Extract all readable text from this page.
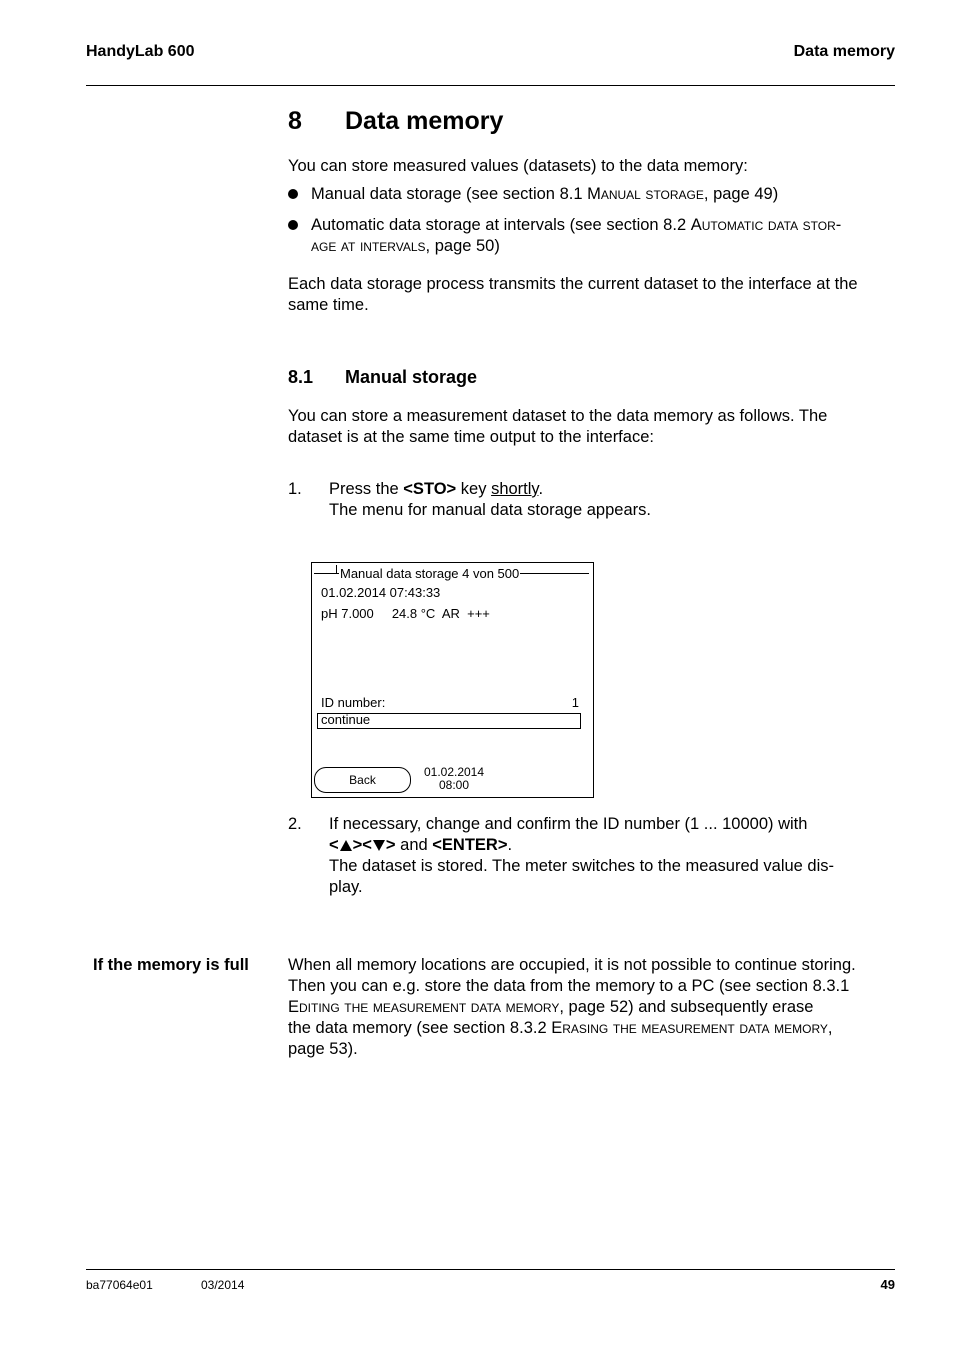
HandyLab 600	Data memory
8 Data memory
You can store measured values (datasets) to the data memory:
Manual data storage (see section 8.1 Manual storage, page 49)
Automatic data storage at intervals (see section 8.2 Automatic data stor-
age at intervals, page 50)
Each data storage process transmits the current dataset to the interface at the
same time.
8.1 Manual storage
You can store a measurement dataset to the data memory as follows. The
dataset is at the same time output to the interface:
1. Press the <STO> key shortly.
The menu for manual data storage appears.
Manual data storage 4 von 500
01.02.2014 07:43:33
pH 7.000     24.8 °C  AR  +++
ID number:	1
continue
Back
01.02.2014
08:00
2. If necessary, change and confirm the ID number (1 ... 10000) with
< >< > and <ENTER>.
The dataset is stored. The meter switches to the measured value dis-
play.
If the memory is full When all memory locations are occupied, it is not possible to continue storing.
Then you can e.g. store the data from the memory to a PC (see section 8.3.1
Editing the measurement data memory, page 52) and subsequently erase
the data memory (see section 8.3.2 Erasing the measurement data memory,
page 53).
ba77064e01	03/2014	49
